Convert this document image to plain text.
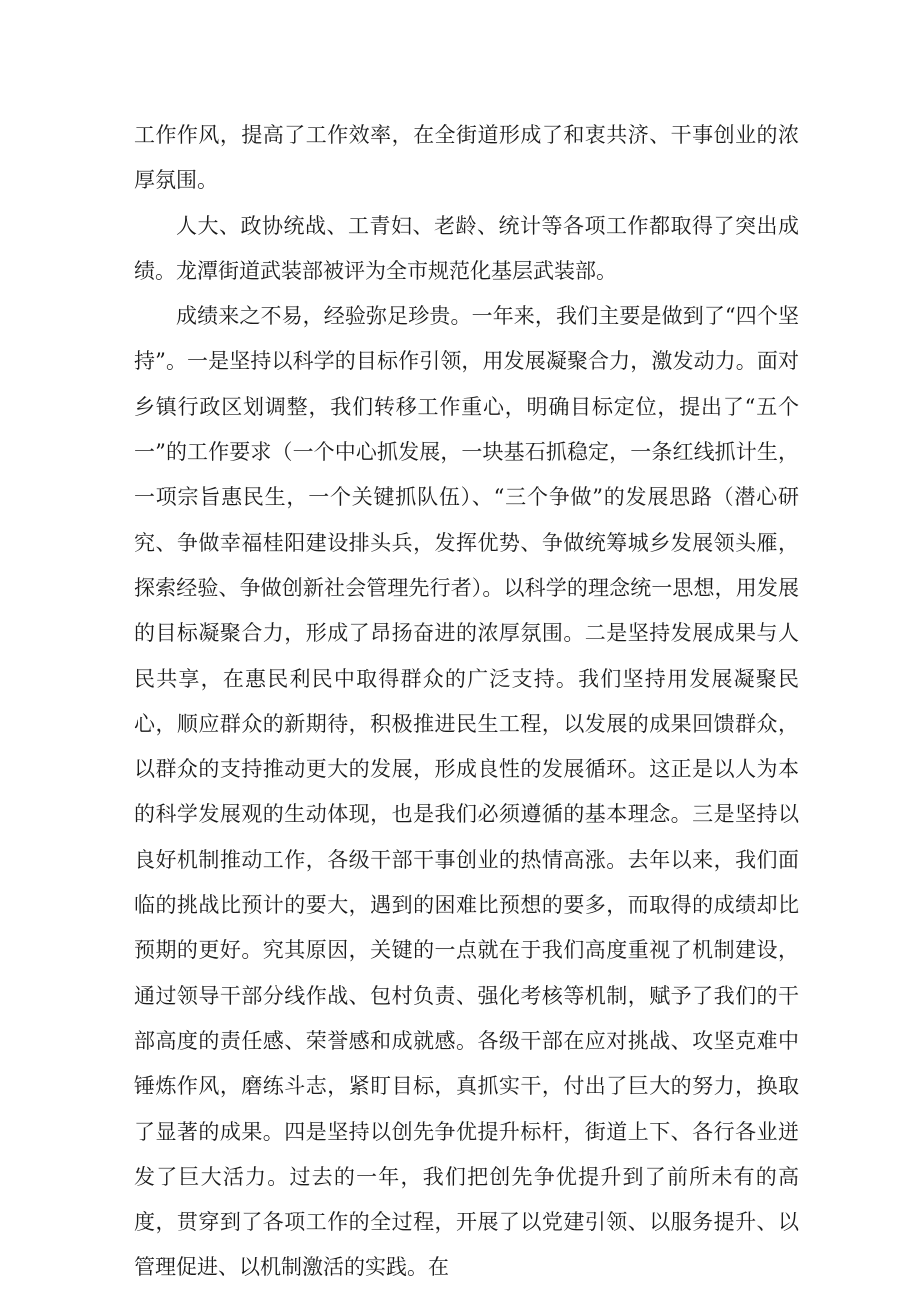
工作作风，提高了工作效率，在全街道形成了和衷共济、干事创业的浓厚氛围。

人大、政协统战、工青妇、老龄、统计等各项工作都取得了突出成绩。龙潭街道武装部被评为全市规范化基层武装部。

成绩来之不易，经验弥足珍贵。一年来，我们主要是做到了“四个坚持”。一是坚持以科学的目标作引领，用发展凝聚合力，激发动力。面对乡镇行政区划调整，我们转移工作重心，明确目标定位，提出了“五个一”的工作要求（一个中心抓发展，一块基石抓稳定，一条红线抓计生，一项宗旨惠民生，一个关键抓队伍）、“三个争做”的发展思路（潜心研究、争做幸福桂阳建设排头兵，发挥优势、争做统筹城乡发展领头雁，探索经验、争做创新社会管理先行者）。以科学的理念统一思想，用发展的目标凝聚合力，形成了昂扬奋进的浓厚氛围。二是坚持发展成果与人民共享，在惠民利民中取得群众的广泛支持。我们坚持用发展凝聚民心，顺应群众的新期待，积极推进民生工程，以发展的成果回馈群众，以群众的支持推动更大的发展，形成良性的发展循环。这正是以人为本的科学发展观的生动体现，也是我们必须遵循的基本理念。三是坚持以良好机制推动工作，各级干部干事创业的热情高涨。去年以来，我们面临的挑战比预计的要大，遇到的困难比预想的要多，而取得的成绩却比预期的更好。究其原因，关键的一点就在于我们高度重视了机制建设，通过领导干部分线作战、包村负责、强化考核等机制，赋予了我们的干部高度的责任感、荣誉感和成就感。各级干部在应对挑战、攻坚克难中锤炼作风，磨练斗志，紧盯目标，真抓实干，付出了巨大的努力，换取了显著的成果。四是坚持以创先争优提升标杆，街道上下、各行各业迸发了巨大活力。过去的一年，我们把创先争优提升到了前所未有的高度，贯穿到了各项工作的全过程，开展了以党建引领、以服务提升、以管理促进、以机制激活的实践。在
